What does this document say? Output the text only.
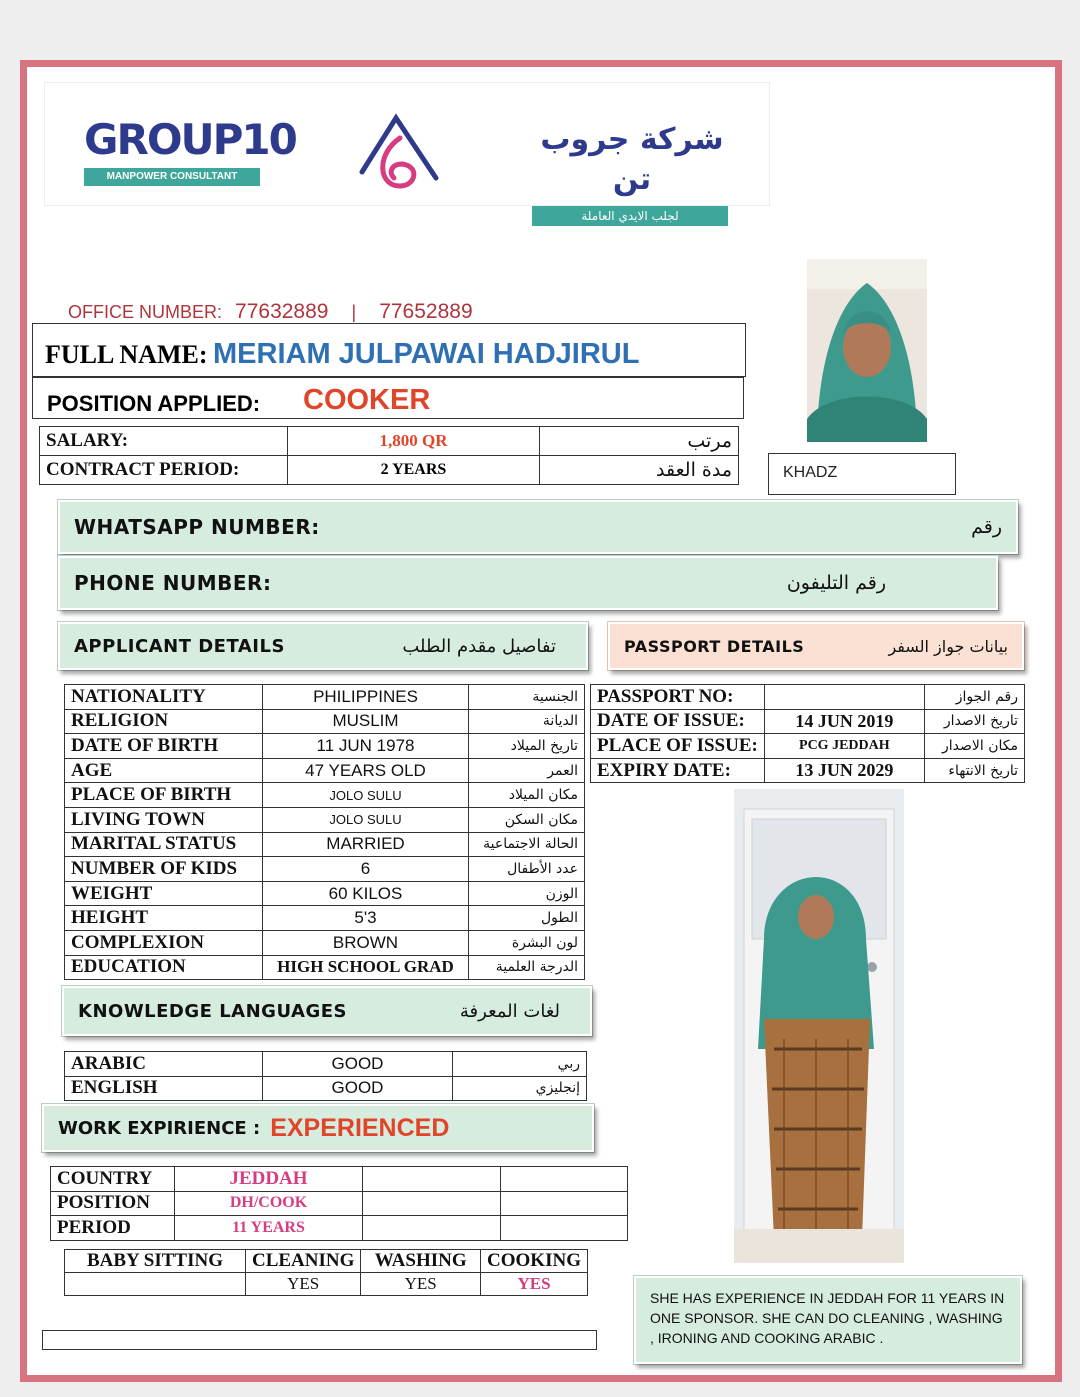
GROUP10
MANPOWER CONSULTANT
شركة جروب تن
لجلب الايدي العاملة
OFFICE NUMBER: 77632889 | 77652889
FULL NAME: MERIAM JULPAWAI HADJIRUL
POSITION APPLIED: COOKER
SALARY:	1,800 QR	مرتب
CONTRACT PERIOD:	2 YEARS	مدة العقد	KHADZ
WHATSAPP NUMBER:	رقم
PHONE NUMBER:	رقم التليفون
APPLICANT DETAILS	تفاصيل مقدم الطلب	PASSPORT DETAILS	بيانات جواز السفر
NATIONALITY	PHILIPPINES	الجنسية
RELIGION	MUSLIM	الديانة
DATE OF BIRTH	11 JUN 1978	تاريخ الميلاد
AGE	47 YEARS OLD	العمر
PLACE OF BIRTH	JOLO SULU	مكان الميلاد
LIVING TOWN	JOLO SULU	مكان السكن
MARITAL STATUS	MARRIED	الحالة الاجتماعية
NUMBER OF KIDS	6	عدد الأطفال
WEIGHT	60 KILOS	الوزن
HEIGHT	5'3	الطول
COMPLEXION	BROWN	لون البشرة
EDUCATION	HIGH SCHOOL GRAD	الدرجة العلمية
PASSPORT NO:		رقم الجواز
DATE OF ISSUE:	14 JUN 2019	تاريخ الاصدار
PLACE OF ISSUE:	PCG JEDDAH	مكان الاصدار
EXPIRY DATE:	13 JUN 2029	تاريخ الانتهاء
KNOWLEDGE LANGUAGES	لغات المعرفة
ARABIC	GOOD	ربي
ENGLISH	GOOD	إنجليزي
WORK EXPIRIENCE : EXPERIENCED
COUNTRY	JEDDAH		
POSITION	DH/COOK		
PERIOD	11 YEARS		
BABY SITTING	CLEANING	WASHING	COOKING
	YES	YES	YES
SHE HAS EXPERIENCE IN JEDDAH FOR 11 YEARS IN ONE SPONSOR. SHE CAN DO CLEANING , WASHING , IRONING AND COOKING ARABIC .
